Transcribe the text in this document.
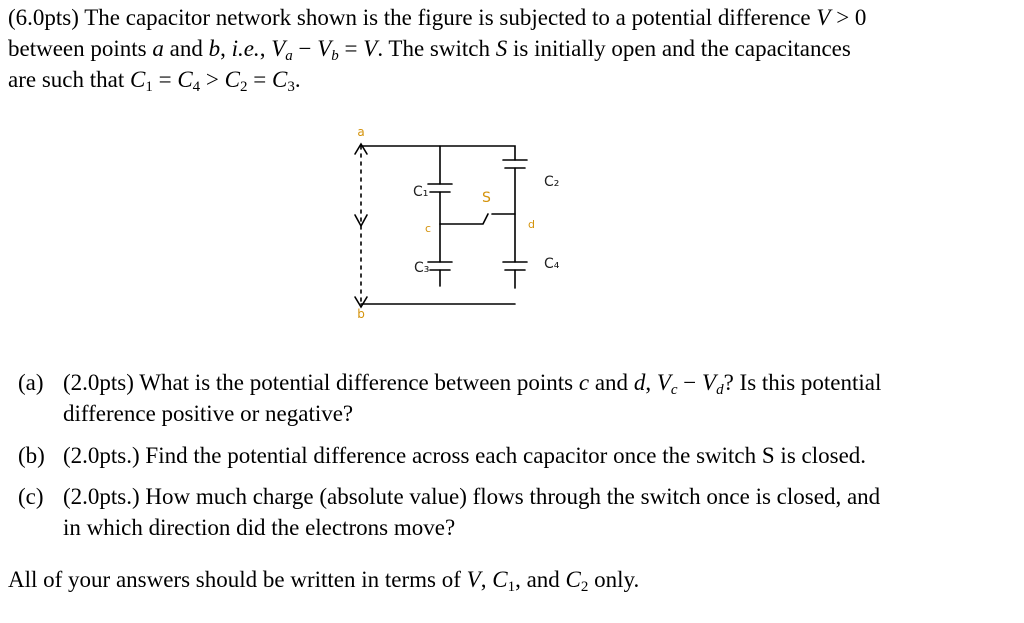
(6.0pts) The capacitor network shown is the figure is subjected to a potential difference V > 0

between points a and b, i.e., $V_a - V_b = V$. The switch S is initially open and the capacitances

are such that $C_1 = C_4 > C_2 = C_3$.

a
b
C₁
C₂
C₃	C₄
S
c	d
(a) (2.0pts) What is the potential difference between points c and d, $V_c - V_d$? Is this potential

difference positive or negative?

(b) (2.0pts.) Find the potential difference across each capacitor once the switch S is closed.

(c) (2.0pts.) How much charge (absolute value) flows through the switch once is closed, and

in which direction did the electrons move?

All of your answers should be written in terms of V, $C_1$, and $C_2$ only.
